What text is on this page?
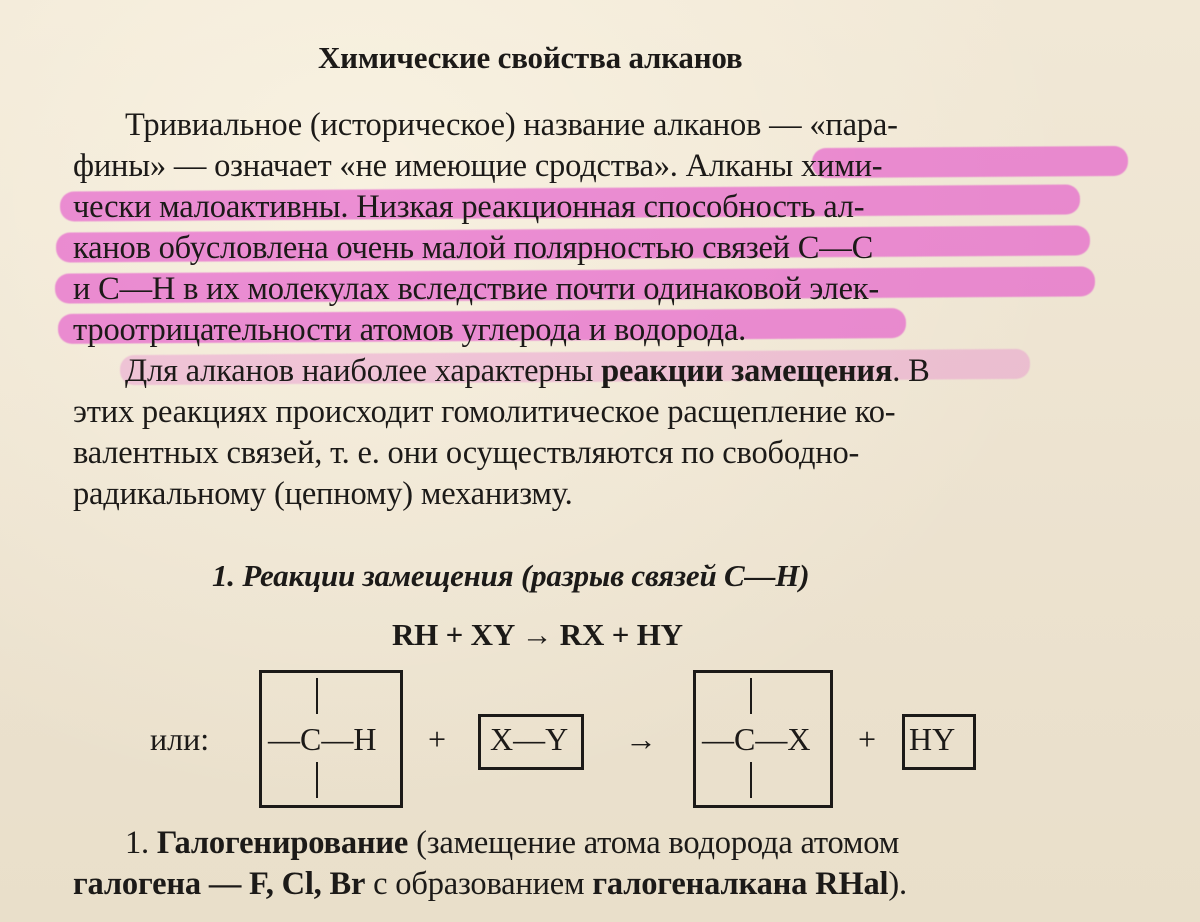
Химические свойства алканов
Тривиальное (историческое) название алканов — «пара-
фины» — означает «не имеющие сродства». Алканы хими-
чески малоактивны. Низкая реакционная способность ал-
канов обусловлена очень малой полярностью связей С—С
и С—Н в их молекулах вследствие почти одинаковой элек-
троотрицательности атомов углерода и водорода.
Для алканов наиболее характерны реакции замещения. В
этих реакциях происходит гомолитическое расщепление ко-
валентных связей, т. е. они осуществляются по свободно-
радикальному (цепному) механизму.
1. Реакции замещения (разрыв связей С—Н)
RH + XY → RX + HY
или: —C—H + X—Y → —C—X + HY
1. Галогенирование (замещение атома водорода атомом
галогена — F, Cl, Br с образованием галогеналкана RHal).
